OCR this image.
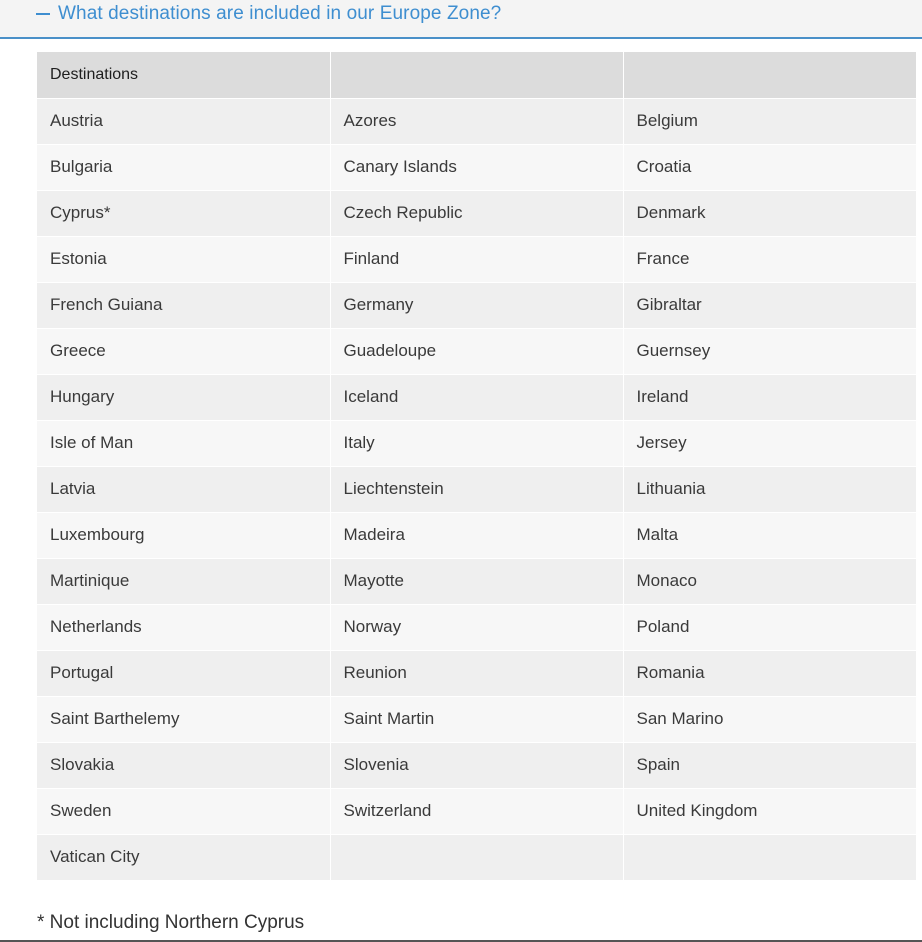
What destinations are included in our Europe Zone?
Destinations		
Austria	Azores	Belgium
Bulgaria	Canary Islands	Croatia
Cyprus*	Czech Republic	Denmark
Estonia	Finland	France
French Guiana	Germany	Gibraltar
Greece	Guadeloupe	Guernsey
Hungary	Iceland	Ireland
Isle of Man	Italy	Jersey
Latvia	Liechtenstein	Lithuania
Luxembourg	Madeira	Malta
Martinique	Mayotte	Monaco
Netherlands	Norway	Poland
Portugal	Reunion	Romania
Saint Barthelemy	Saint Martin	San Marino
Slovakia	Slovenia	Spain
Sweden	Switzerland	United Kingdom
Vatican City		
* Not including Northern Cyprus
